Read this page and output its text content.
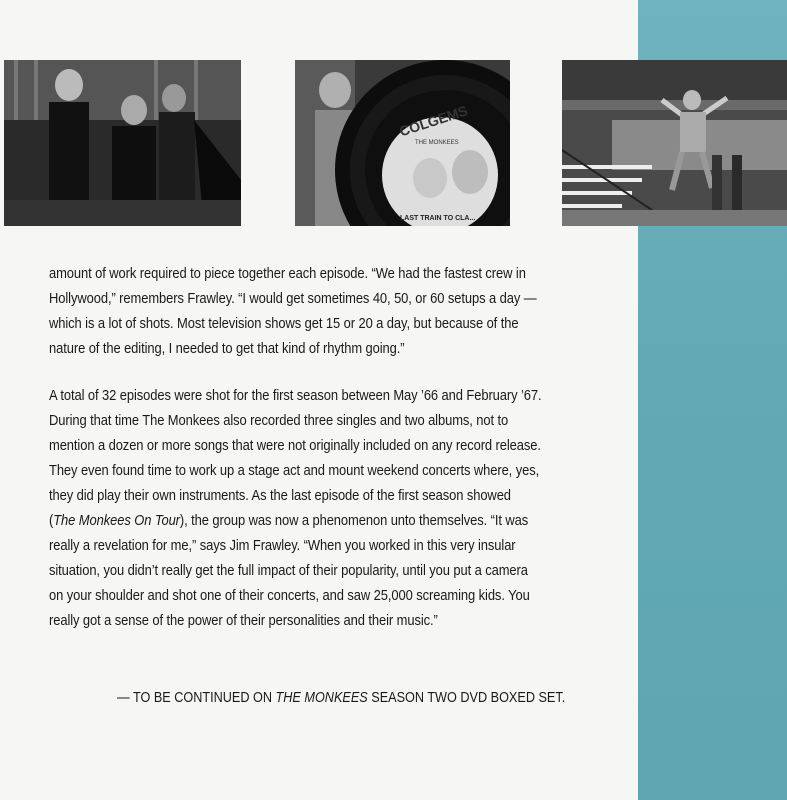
COLGEMS
THE MONKEES
LAST TRAIN TO CLA...

amount of work required to piece together each episode. “We had the fastest crew in
Hollywood,” remembers Frawley. “I would get sometimes 40, 50, or 60 setups a day —
which is a lot of shots. Most television shows get 15 or 20 a day, but because of the
nature of the editing, I needed to get that kind of rhythm going.”

A total of 32 episodes were shot for the first season between May ’66 and February ’67.
During that time The Monkees also recorded three singles and two albums, not to
mention a dozen or more songs that were not originally included on any record release.
They even found time to work up a stage act and mount weekend concerts where, yes,
they did play their own instruments. As the last episode of the first season showed
(The Monkees On Tour), the group was now a phenomenon unto themselves. “It was
really a revelation for me,” says Jim Frawley. “When you worked in this very insular
situation, you didn’t really get the full impact of their popularity, until you put a camera
on your shoulder and shot one of their concerts, and saw 25,000 screaming kids. You
really got a sense of the power of their personalities and their music.”

— TO BE CONTINUED ON THE MONKEES SEASON TWO DVD BOXED SET.
